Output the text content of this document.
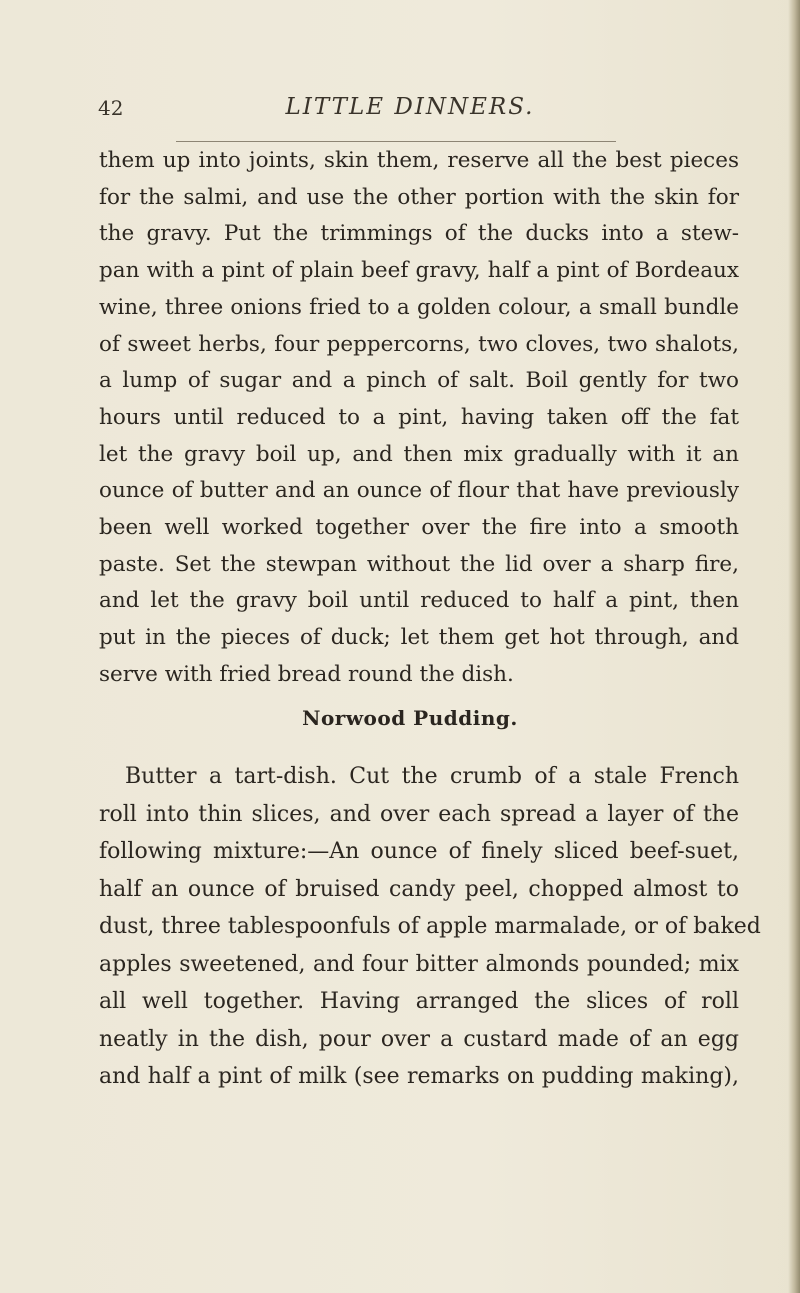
42	LITTLE DINNERS.
them up into joints, skin them, reserve all the best pieces
for the salmi, and use the other portion with the skin for
the gravy. Put the trimmings of the ducks into a stew-
pan with a pint of plain beef gravy, half a pint of Bordeaux
wine, three onions fried to a golden colour, a small bundle
of sweet herbs, four peppercorns, two cloves, two shalots,
a lump of sugar and a pinch of salt. Boil gently for two
hours until reduced to a pint, having taken off the fat
let the gravy boil up, and then mix gradually with it an
ounce of butter and an ounce of flour that have previously
been well worked together over the fire into a smooth
paste. Set the stewpan without the lid over a sharp fire,
and let the gravy boil until reduced to half a pint, then
put in the pieces of duck; let them get hot through, and
serve with fried bread round the dish.
Norwood Pudding.
Butter a tart-dish. Cut the crumb of a stale French
roll into thin slices, and over each spread a layer of the
following mixture:—An ounce of finely sliced beef-suet,
half an ounce of bruised candy peel, chopped almost to
dust, three tablespoonfuls of apple marmalade, or of baked
apples sweetened, and four bitter almonds pounded; mix
all well together. Having arranged the slices of roll
neatly in the dish, pour over a custard made of an egg
and half a pint of milk (see remarks on pudding making),
